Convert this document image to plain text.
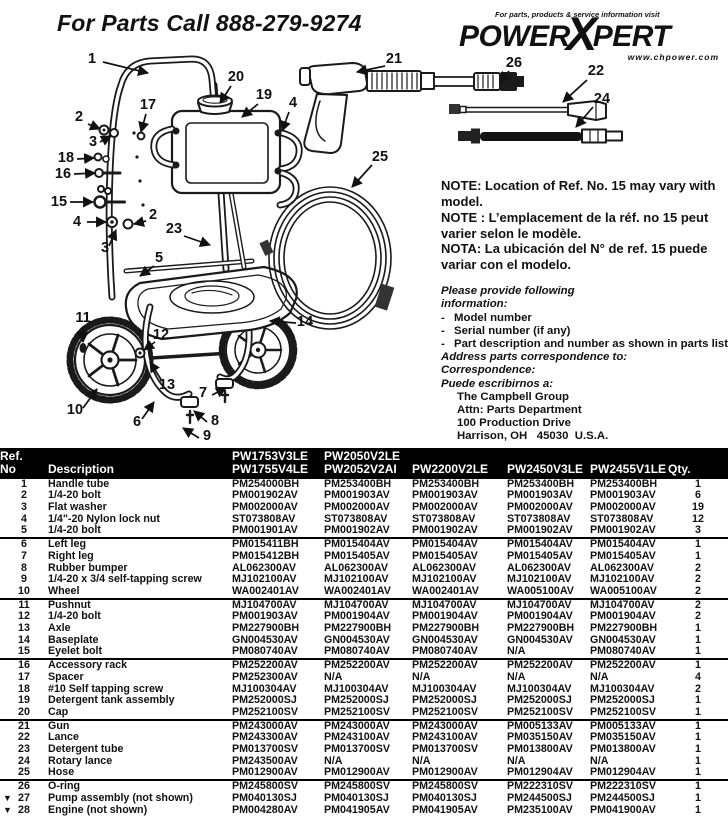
For Parts Call 888-279-9274	For parts, products & service information visit
POWERXPERT
www.chpower.com
1
20
19 4
17
2
3
18
16
15
4	2
3
23
5
25
21	26	22
24
11	14
12
13
10
6
7
8
9

NOTE: Location of Ref. No. 15 may vary with model.

NOTE : L’emplacement de la réf. no 15 peut varier selon le modèle.

NOTA: La ubicación del N° de ref. 15 puede variar con el modelo.

Please provide following information:

- Model number
- Serial number (if any)
- Part description and number as shown in parts list

Address parts correspondence to:

Correspondence:

Puede escribirnos a:

The Campbell Group
Attn: Parts Department
100 Production Drive
Harrison, OH   45030  U.S.A.
Ref.
No	Description	PW1753V3LE
PW1755V4LE	PW2050V2LE
PW2052V2AI	PW2200V2LE	PW2450V3LE	PW2455V1LE	Qty.

1	Handle tube	PM254000BH	PM253400BH	PM253400BH	PM253400BH	PM253400BH	1
2	1/4-20 bolt	PM001902AV	PM001903AV	PM001903AV	PM001903AV	PM001903AV	6
3	Flat washer	PM002000AV	PM002000AV	PM002000AV	PM002000AV	PM002000AV	19
4	1/4"-20 Nylon lock nut	ST073808AV	ST073808AV	ST073808AV	ST073808AV	ST073808AV	12
5	1/4-20 bolt	PM001901AV	PM001902AV	PM001902AV	PM001902AV	PM001902AV	3
6	Left leg	PM015411BH	PM015404AV	PM015404AV	PM015404AV	PM015404AV	1
7	Right leg	PM015412BH	PM015405AV	PM015405AV	PM015405AV	PM015405AV	1
8	Rubber bumper	AL062300AV	AL062300AV	AL062300AV	AL062300AV	AL062300AV	2
9	1/4-20 x 3/4 self-tapping screw	MJ102100AV	MJ102100AV	MJ102100AV	MJ102100AV	MJ102100AV	2
10	Wheel	WA002401AV	WA002401AV	WA002401AV	WA005100AV	WA005100AV	2
11	Pushnut	MJ104700AV	MJ104700AV	MJ104700AV	MJ104700AV	MJ104700AV	2
12	1/4-20 bolt	PM001903AV	PM001904AV	PM001904AV	PM001904AV	PM001904AV	2
13	Axle	PM227900BH	PM227900BH	PM227900BH	PM227900BH	PM227900BH	1
14	Baseplate	GN004530AV	GN004530AV	GN004530AV	GN004530AV	GN004530AV	1
15	Eyelet bolt	PM080740AV	PM080740AV	PM080740AV	N/A	PM080740AV	1
16	Accessory rack	PM252200AV	PM252200AV	PM252200AV	PM252200AV	PM252200AV	1
17	Spacer	PM252300AV	N/A	N/A	N/A	N/A	4
18	#10 Self tapping screw	MJ100304AV	MJ100304AV	MJ100304AV	MJ100304AV	MJ100304AV	2
19	Detergent tank assembly	PM252000SJ	PM252000SJ	PM252000SJ	PM252000SJ	PM252000SJ	1
20	Cap	PM252100SV	PM252100SV	PM252100SV	PM252100SV	PM252100SV	1
21	Gun	PM243000AV	PM243000AV	PM243000AV	PM005133AV	PM005133AV	1
22	Lance	PM243300AV	PM243100AV	PM243100AV	PM035150AV	PM035150AV	1
23	Detergent tube	PM013700SV	PM013700SV	PM013700SV	PM013800AV	PM013800AV	1
24	Rotary lance	PM243500AV	N/A	N/A	N/A	N/A	1
25	Hose	PM012900AV	PM012900AV	PM012900AV	PM012904AV	PM012904AV	1
26	O-ring	PM245800SV	PM245800SV	PM245800SV	PM222310SV	PM222310SV	1

▼ 27	Pump assembly (not shown)	PM040130SJ	PM040130SJ	PM040130SJ	PM244500SJ	PM244500SJ	1

▼ 28	Engine (not shown)	PM004280AV	PM041905AV	PM041905AV	PM235100AV	PM041900AV	1
